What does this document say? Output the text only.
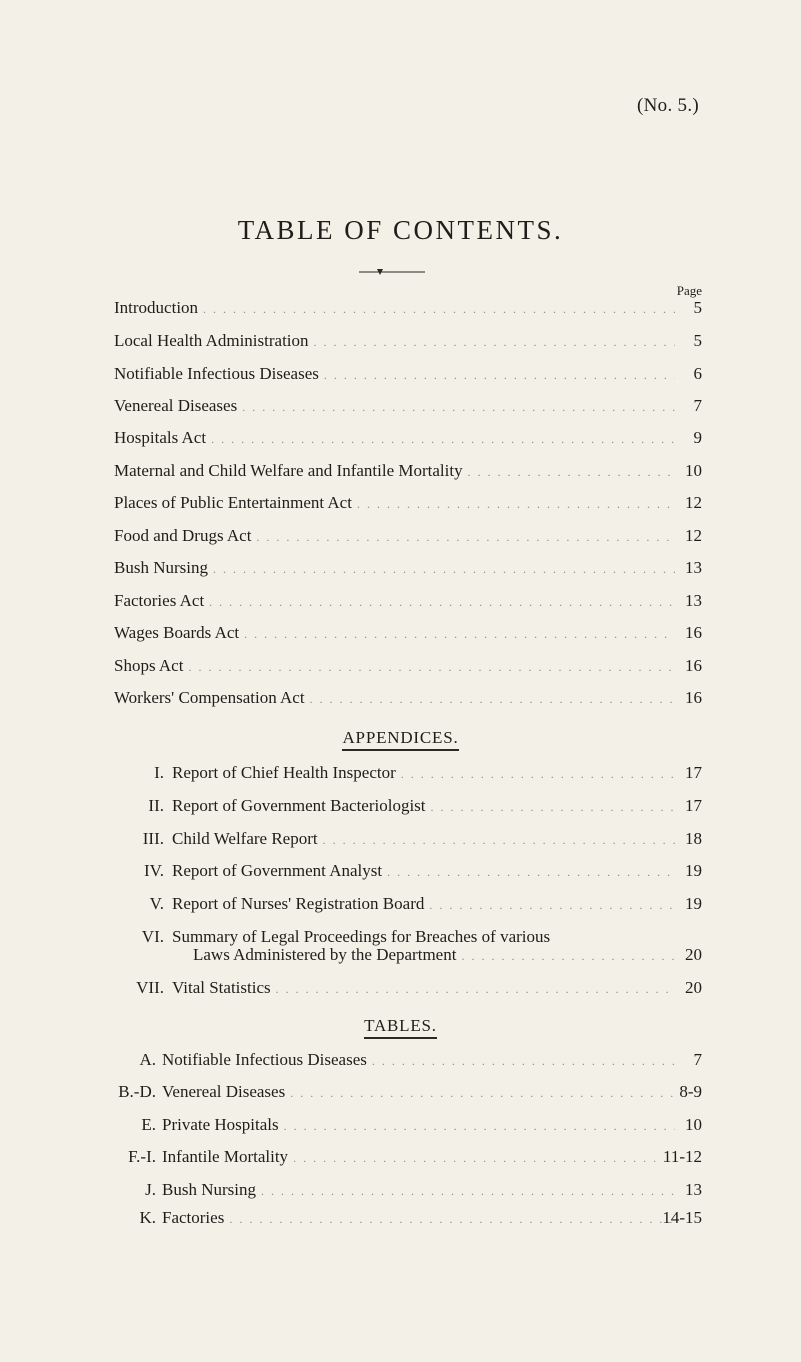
(No. 5.)
TABLE OF CONTENTS.
Page
Introduction . . .	5
Local Health Administration . . .	5
Notifiable Infectious Diseases . . .	6
Venereal Diseases . . .	7
Hospitals Act . . .	9
Maternal and Child Welfare and Infantile Mortality . . .	10
Places of Public Entertainment Act . . .	12
Food and Drugs Act . . .	12
Bush Nursing . . .	13
Factories Act . . .	13
Wages Boards Act . . .	16
Shops Act . . .	16
Workers' Compensation Act . . .	16
APPENDICES.
I. Report of Chief Health Inspector . . .	17
II. Report of Government Bacteriologist . . .	17
III. Child Welfare Report . . .	18
IV. Report of Government Analyst . . .	19
V. Report of Nurses' Registration Board . . .	19
VI. Summary of Legal Proceedings for Breaches of various
Laws Administered by the Department . . .	20
VII. Vital Statistics . . .	20
TABLES.
A. Notifiable Infectious Diseases . . .	7
B.-D. Venereal Diseases . . .	8-9
E. Private Hospitals . . .	10
F.-I. Infantile Mortality . . .	11-12
J. Bush Nursing . . .	13
K. Factories . . .	14-15
